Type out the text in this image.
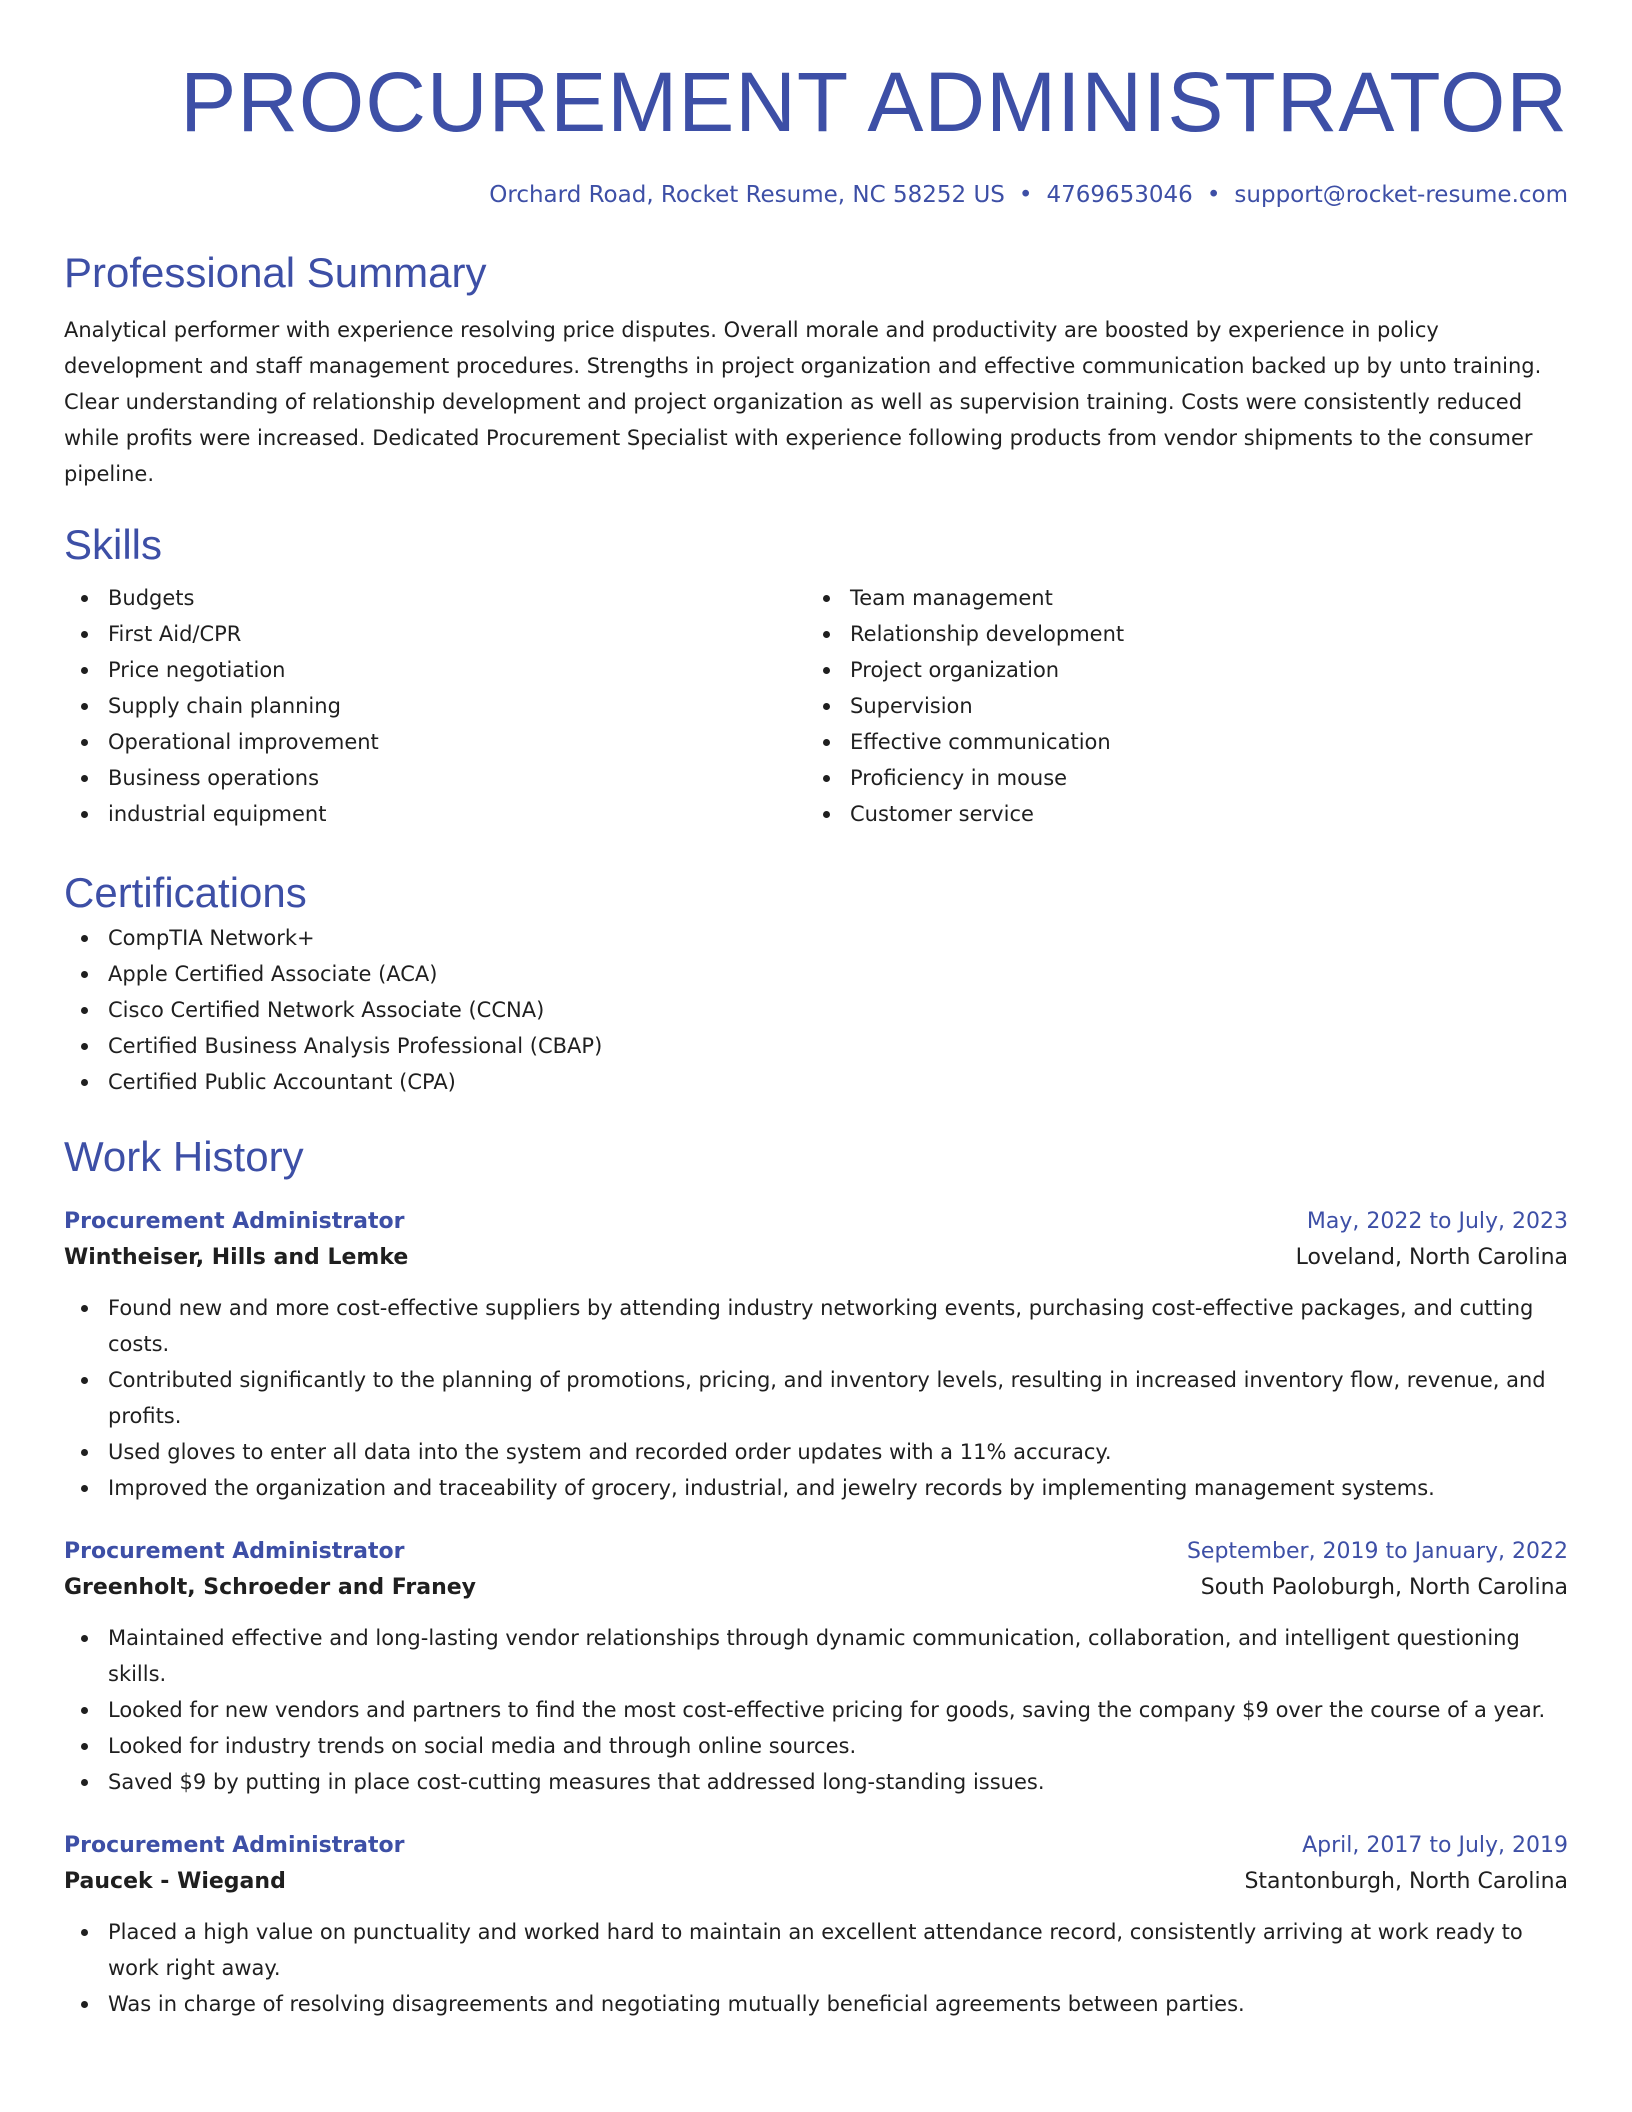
PROCUREMENT ADMINISTRATOR
Orchard Road, Rocket Resume, NC 58252 US • 4769653046 • support@rocket-resume.com
Professional Summary
Analytical performer with experience resolving price disputes. Overall morale and productivity are boosted by experience in policy development and staff management procedures. Strengths in project organization and effective communication backed up by unto training. Clear understanding of relationship development and project organization as well as supervision training. Costs were consistently reduced while profits were increased. Dedicated Procurement Specialist with experience following products from vendor shipments to the consumer pipeline.
Skills
Budgets
First Aid/CPR
Price negotiation
Supply chain planning
Operational improvement
Business operations
industrial equipment
Team management
Relationship development
Project organization
Supervision
Effective communication
Proficiency in mouse
Customer service
Certifications
CompTIA Network+
Apple Certified Associate (ACA)
Cisco Certified Network Associate (CCNA)
Certified Business Analysis Professional (CBAP)
Certified Public Accountant (CPA)
Work History
Procurement Administrator	May, 2022 to July, 2023
Wintheiser, Hills and Lemke	Loveland, North Carolina
Found new and more cost-effective suppliers by attending industry networking events, purchasing cost-effective packages, and cutting costs.
Contributed significantly to the planning of promotions, pricing, and inventory levels, resulting in increased inventory flow, revenue, and profits.
Used gloves to enter all data into the system and recorded order updates with a 11% accuracy.
Improved the organization and traceability of grocery, industrial, and jewelry records by implementing management systems.
Procurement Administrator	September, 2019 to January, 2022
Greenholt, Schroeder and Franey	South Paoloburgh, North Carolina
Maintained effective and long-lasting vendor relationships through dynamic communication, collaboration, and intelligent questioning skills.
Looked for new vendors and partners to find the most cost-effective pricing for goods, saving the company $9 over the course of a year.
Looked for industry trends on social media and through online sources.
Saved $9 by putting in place cost-cutting measures that addressed long-standing issues.
Procurement Administrator	April, 2017 to July, 2019
Paucek - Wiegand	Stantonburgh, North Carolina
Placed a high value on punctuality and worked hard to maintain an excellent attendance record, consistently arriving at work ready to work right away.
Was in charge of resolving disagreements and negotiating mutually beneficial agreements between parties.
